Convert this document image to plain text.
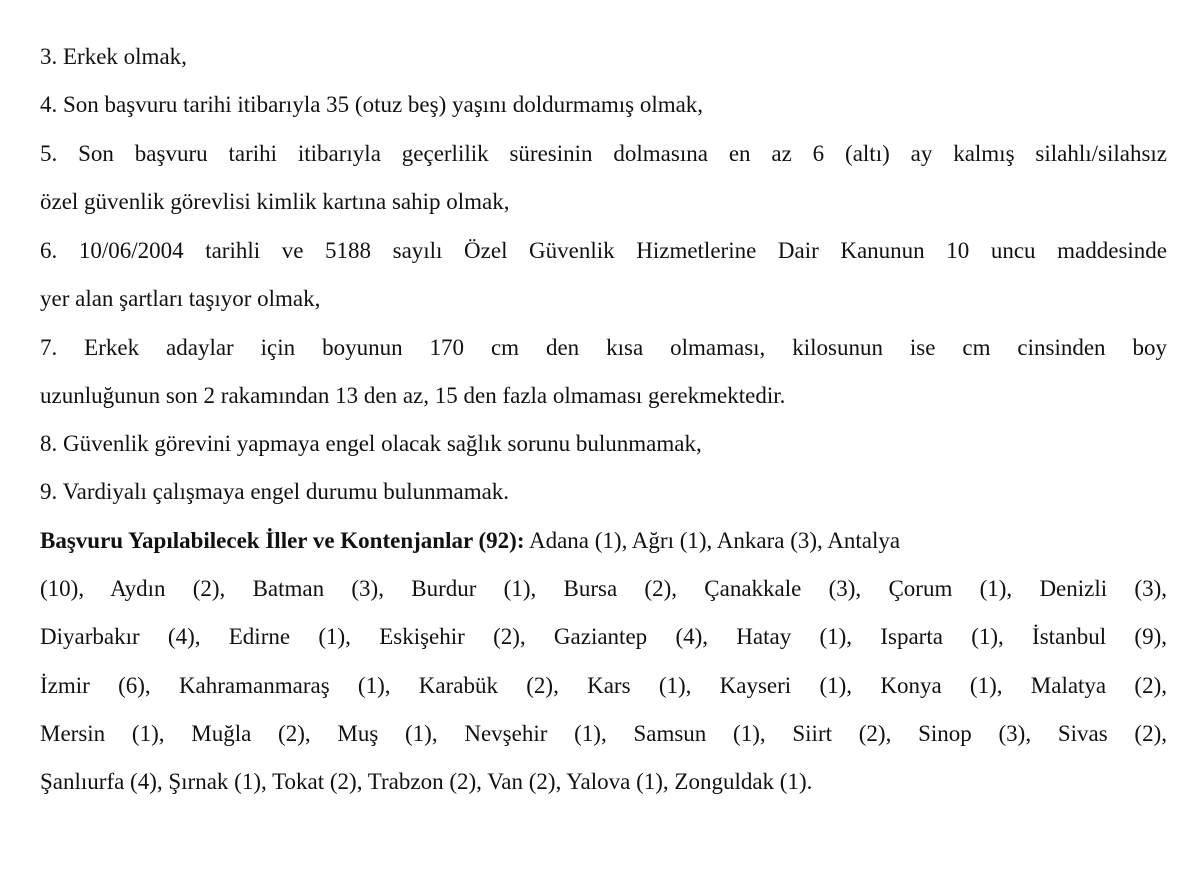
3. Erkek olmak,
4. Son başvuru tarihi itibarıyla 35 (otuz beş) yaşını doldurmamış olmak,
5. Son başvuru tarihi itibarıyla geçerlilik süresinin dolmasına en az 6 (altı) ay kalmış silahlı/silahsız
özel güvenlik görevlisi kimlik kartına sahip olmak,
6. 10/06/2004 tarihli ve 5188 sayılı Özel Güvenlik Hizmetlerine Dair Kanunun 10 uncu maddesinde
yer alan şartları taşıyor olmak,
7. Erkek adaylar için boyunun 170 cm den kısa olmaması, kilosunun ise cm cinsinden boy
uzunluğunun son 2 rakamından 13 den az, 15 den fazla olmaması gerekmektedir.
8. Güvenlik görevini yapmaya engel olacak sağlık sorunu bulunmamak,
9. Vardiyalı çalışmaya engel durumu bulunmamak.
Başvuru Yapılabilecek İller ve Kontenjanlar (92): Adana (1), Ağrı (1), Ankara (3), Antalya
(10), Aydın (2), Batman (3), Burdur (1), Bursa (2), Çanakkale (3), Çorum (1), Denizli (3),
Diyarbakır (4), Edirne (1), Eskişehir (2), Gaziantep (4), Hatay (1), Isparta (1), İstanbul (9),
İzmir (6), Kahramanmaraş (1), Karabük (2), Kars (1), Kayseri (1), Konya (1), Malatya (2),
Mersin (1), Muğla (2), Muş (1), Nevşehir (1), Samsun (1), Siirt (2), Sinop (3), Sivas (2),
Şanlıurfa (4), Şırnak (1), Tokat (2), Trabzon (2), Van (2), Yalova (1), Zonguldak (1).
